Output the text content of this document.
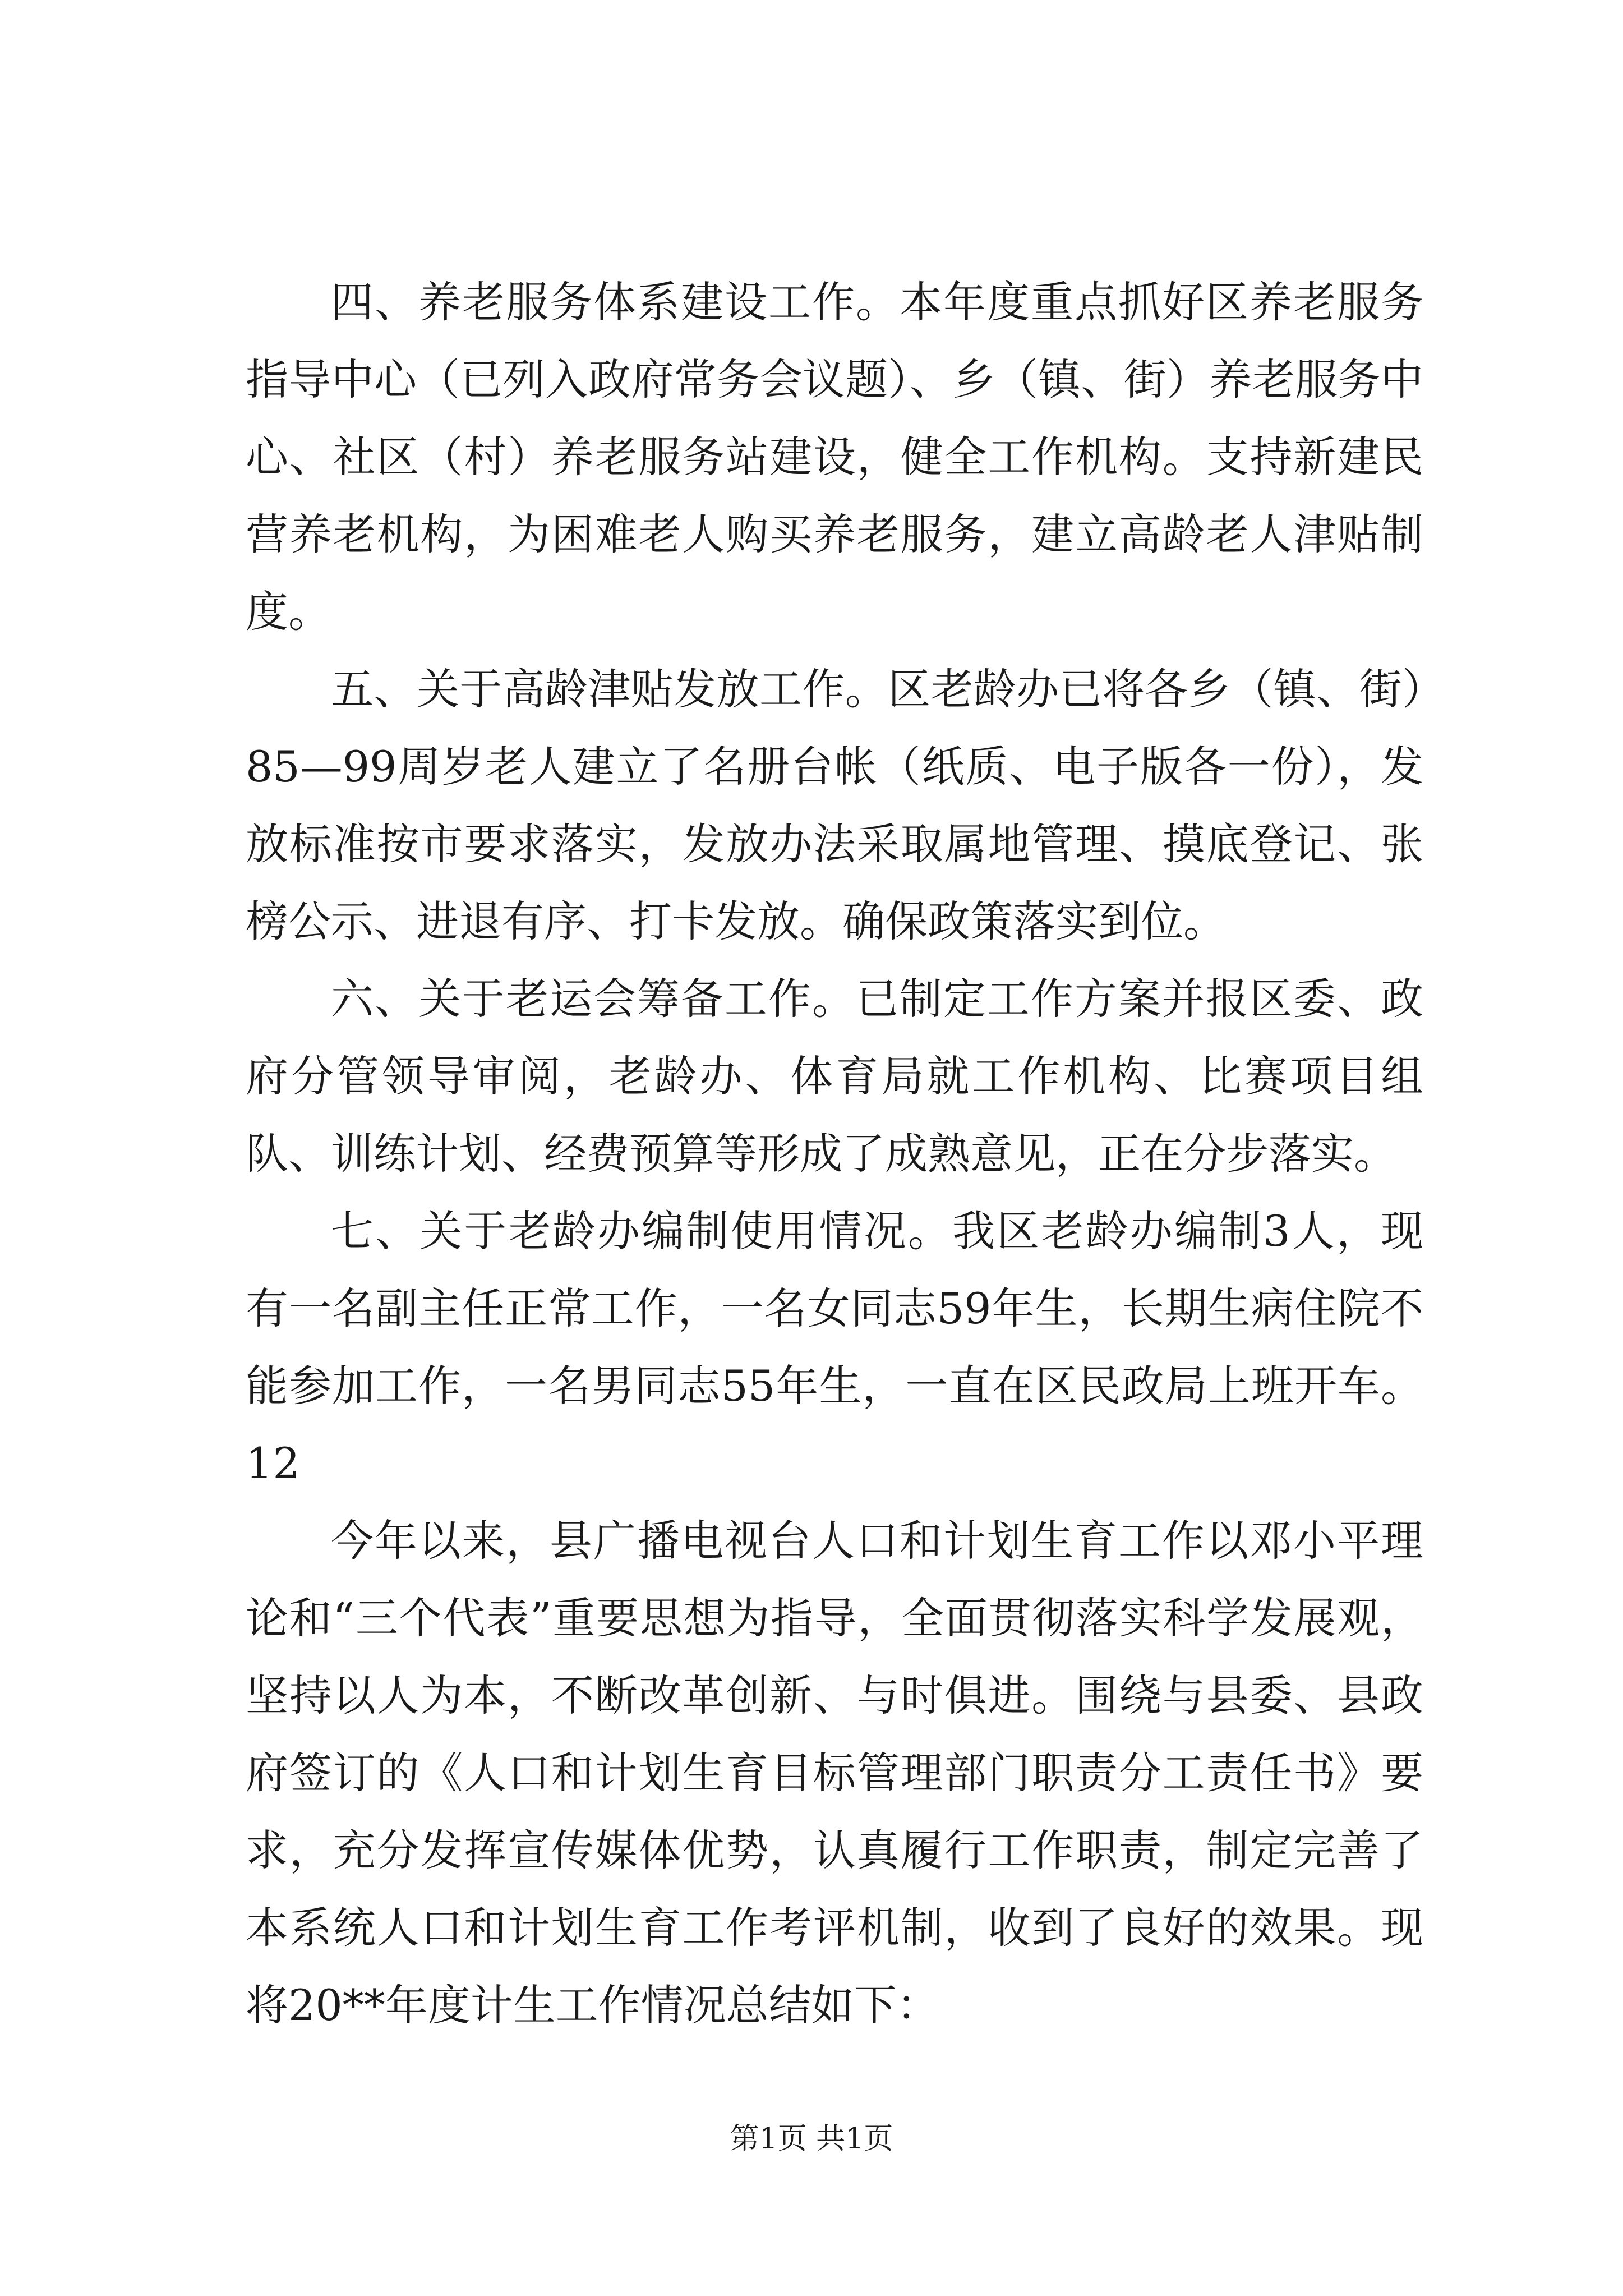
四、养老服务体系建设工作。本年度重点抓好区养老服务指导中心（已列入政府常务会议题）、乡（镇、街）养老服务中心、社区（村）养老服务站建设，健全工作机构。支持新建民营养老机构，为困难老人购买养老服务，建立高龄老人津贴制度。

五、关于高龄津贴发放工作。区老龄办已将各乡（镇、街）85—99周岁老人建立了名册台帐（纸质、电子版各一份），发放标准按市要求落实，发放办法采取属地管理、摸底登记、张榜公示、进退有序、打卡发放。确保政策落实到位。

六、关于老运会筹备工作。已制定工作方案并报区委、政府分管领导审阅，老龄办、体育局就工作机构、比赛项目组队、训练计划、经费预算等形成了成熟意见，正在分步落实。

七、关于老龄办编制使用情况。我区老龄办编制3人，现有一名副主任正常工作，一名女同志59年生，长期生病住院不能参加工作，一名男同志55年生，一直在区民政局上班开车。12

今年以来，县广播电视台人口和计划生育工作以邓小平理论和“三个代表”重要思想为指导，全面贯彻落实科学发展观，坚持以人为本，不断改革创新、与时俱进。围绕与县委、县政府签订的《人口和计划生育目标管理部门职责分工责任书》要求，充分发挥宣传媒体优势，认真履行工作职责，制定完善了本系统人口和计划生育工作考评机制，收到了良好的效果。现将20**年度计生工作情况总结如下：

第1页 共1页
